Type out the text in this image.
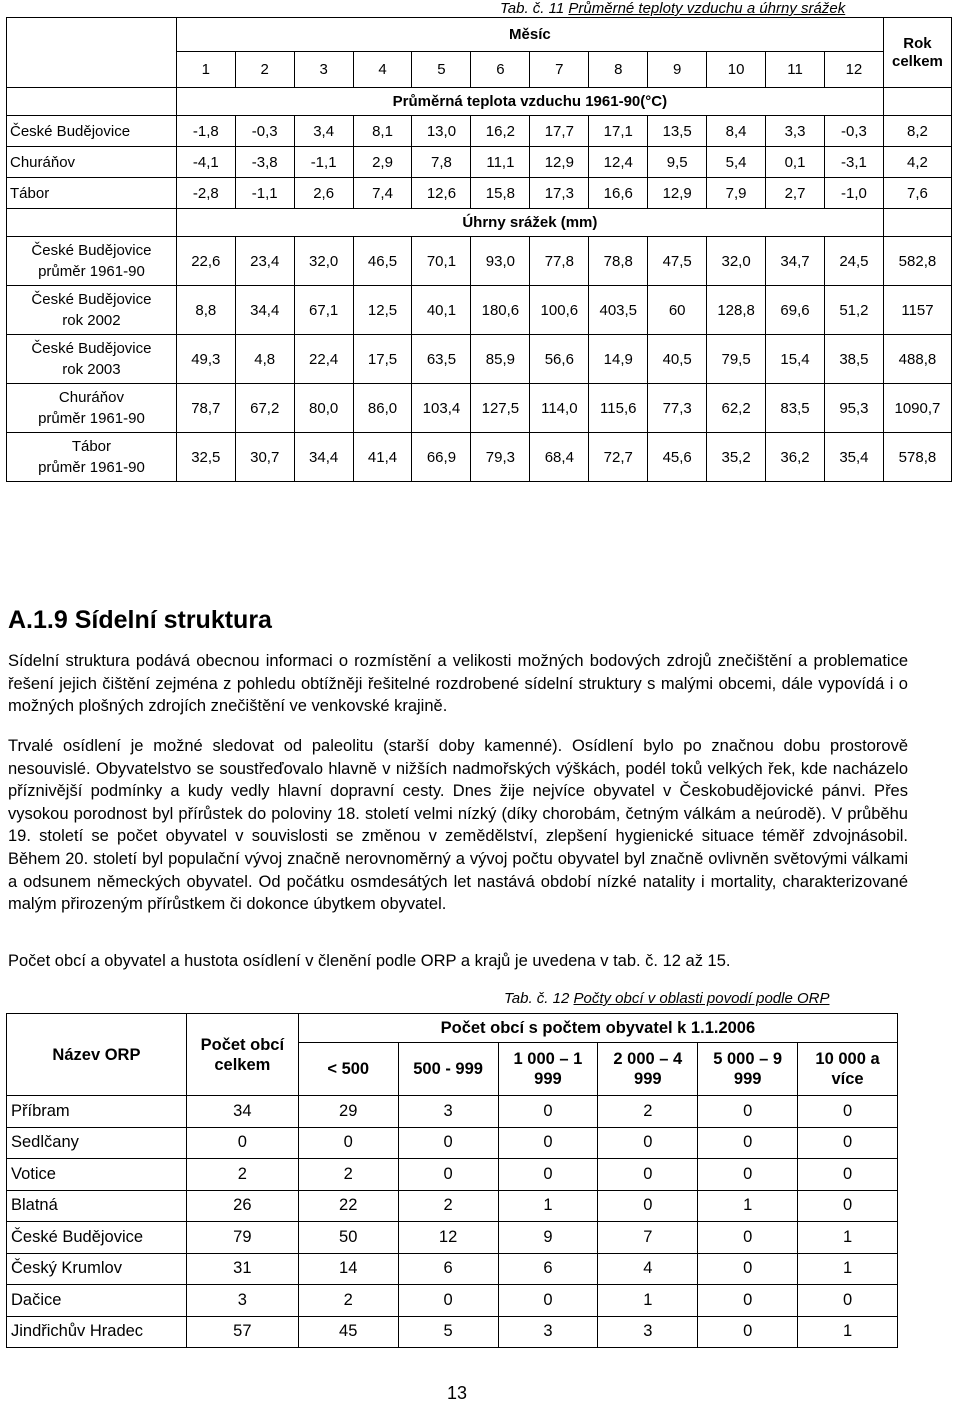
Tab. č. 11 Průměrné teploty vzduchu a úhrny srážek
	Měsíc												Rok celkem
	1	2	3	4	5	6	7	8	9	10	11	12	
	Průměrná teplota vzduchu 1961-90(°C)												
České Budějovice	-1,8	-0,3	3,4	8,1	13,0	16,2	17,7	17,1	13,5	8,4	3,3	-0,3	8,2
Churáňov	-4,1	-3,8	-1,1	2,9	7,8	11,1	12,9	12,4	9,5	5,4	0,1	-3,1	4,2
Tábor	-2,8	-1,1	2,6	7,4	12,6	15,8	17,3	16,6	12,9	7,9	2,7	-1,0	7,6
	Úhrny srážek (mm)												

České Budějovice
průměr 1961-90	22,6	23,4	32,0	46,5	70,1	93,0	77,8	78,8	47,5	32,0	34,7	24,5	582,8

České Budějovice
rok 2002	8,8	34,4	67,1	12,5	40,1	180,6	100,6	403,5	60	128,8	69,6	51,2	1157

České Budějovice
rok 2003	49,3	4,8	22,4	17,5	63,5	85,9	56,6	14,9	40,5	79,5	15,4	38,5	488,8

Churáňov
průměr 1961-90	78,7	67,2	80,0	86,0	103,4	127,5	114,0	115,6	77,3	62,2	83,5	95,3	1090,7

Tábor
průměr 1961-90	32,5	30,7	34,4	41,4	66,9	79,3	68,4	72,7	45,6	35,2	36,2	35,4	578,8
A.1.9 Sídelní struktura
Sídelní struktura podává obecnou informaci o rozmístění a velikosti možných bodových zdrojů znečištění a problematice řešení jejich čištění zejména z pohledu obtížněji řešitelné rozdrobené sídelní struktury s malými obcemi, dále vypovídá i o možných plošných zdrojích znečištění ve venkovské krajině.
Trvalé osídlení je možné sledovat od paleolitu (starší doby kamenné). Osídlení bylo po značnou dobu prostorově nesouvislé. Obyvatelstvo se soustřeďovalo hlavně v nižších nadmořských výškách, podél toků velkých řek, kde nacházelo příznivější podmínky a kudy vedly hlavní dopravní cesty. Dnes žije nejvíce obyvatel v Českobudějovické pánvi. Přes vysokou porodnost byl přírůstek do poloviny 18. století velmi nízký (díky chorobám, četným válkám a neúrodě). V průběhu 19. století se počet obyvatel v souvislosti se změnou v zemědělství, zlepšení hygienické situace téměř zdvojnásobil. Během 20. století byl populační vývoj značně nerovnoměrný a vývoj počtu obyvatel byl značně ovlivněn světovými válkami a odsunem německých obyvatel. Od počátku osmdesátých let nastává období nízké natality i mortality, charakterizované malým přirozeným přírůstkem či dokonce úbytkem obyvatel.
Počet obcí a obyvatel a hustota osídlení v členění podle ORP a krajů je uvedena v tab. č. 12 až 15.
Tab. č. 12 Počty obcí v oblasti povodí podle ORP
Název ORP	Počet obcí celkem	Počet obcí s počtem obyvatel k 1.1.2006					
		< 500	500 - 999	1 000 – 1 999	2 000 – 4 999	5 000 – 9 999	10 000 a více
Příbram	34	29	3	0	2	0	0
Sedlčany	0	0	0	0	0	0	0
Votice	2	2	0	0	0	0	0
Blatná	26	22	2	1	0	1	0
České Budějovice	79	50	12	9	7	0	1
Český Krumlov	31	14	6	6	4	0	1
Dačice	3	2	0	0	1	0	0
Jindřichův Hradec	57	45	5	3	3	0	1
13
